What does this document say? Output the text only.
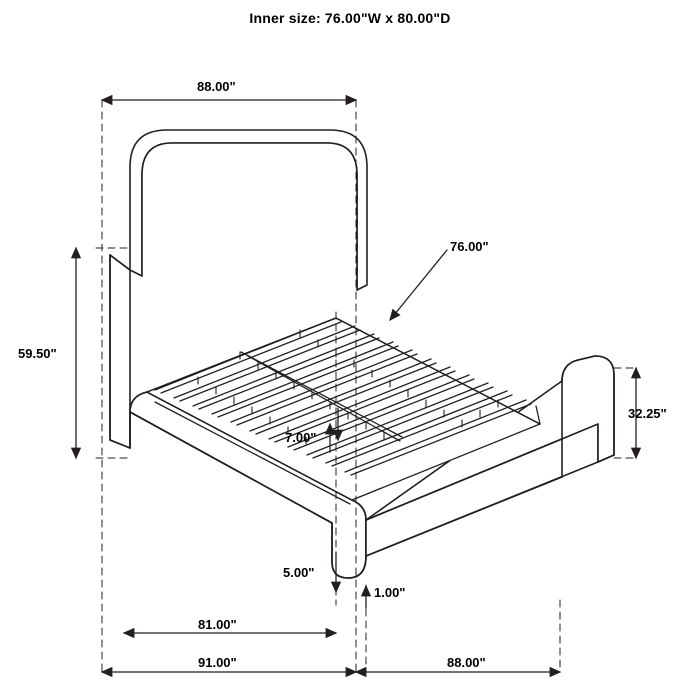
Inner size: 76.00"W x 80.00"D
88.00"
76.00"
59.50"
32.25"
7.00"
5.00"
1.00"
81.00"
91.00"	88.00"
